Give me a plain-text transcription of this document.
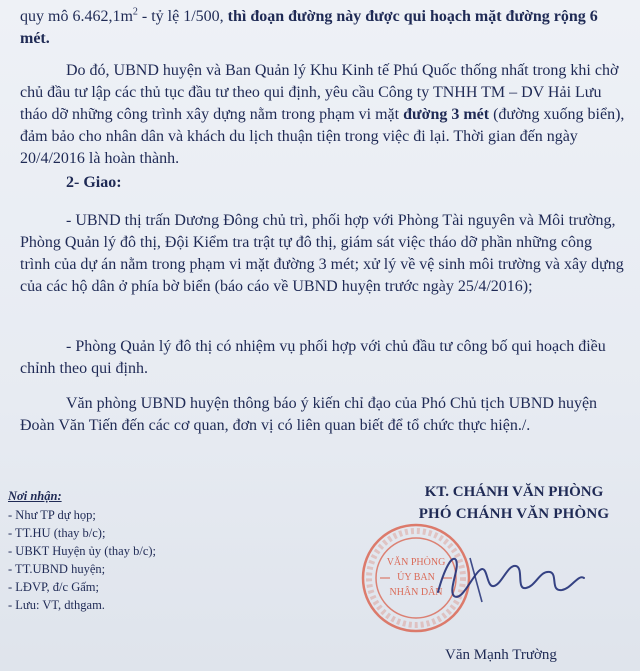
quy mô $6.462,1m^2$ - tỷ lệ 1/500, thì đoạn đường này được qui hoạch mặt đường rộng 6 mét.

Do đó, UBND huyện và Ban Quản lý Khu Kinh tế Phú Quốc thống nhất trong khi chờ chủ đầu tư lập các thủ tục đầu tư theo qui định, yêu cầu Công ty TNHH TM – DV Hải Lưu tháo dỡ những công trình xây dựng nằm trong phạm vi mặt đường 3 mét (đường xuống biển), đảm bảo cho nhân dân và khách du lịch thuận tiện trong việc đi lại. Thời gian đến ngày 20/4/2016 là hoàn thành.

2- Giao:

- UBND thị trấn Dương Đông chủ trì, phối hợp với Phòng Tài nguyên và Môi trường, Phòng Quản lý đô thị, Đội Kiểm tra trật tự đô thị, giám sát việc tháo dỡ phần những công trình của dự án nằm trong phạm vi mặt đường 3 mét; xử lý về vệ sinh môi trường và xây dựng của các hộ dân ở phía bờ biển (báo cáo về UBND huyện trước ngày 25/4/2016);

- Phòng Quản lý đô thị có nhiệm vụ phối hợp với chủ đầu tư công bố qui hoạch điều chỉnh theo qui định.

Văn phòng UBND huyện thông báo ý kiến chỉ đạo của Phó Chủ tịch UBND huyện Đoàn Văn Tiến đến các cơ quan, đơn vị có liên quan biết để tổ chức thực hiện./.

Nơi nhận:
- Như TP dự họp;
- TT.HU (thay b/c);
- UBKT Huyện ủy (thay b/c);
- TT.UBND huyện;
- LĐVP, đ/c Gấm;
- Lưu: VT, dthgam.
KT. CHÁNH VĂN PHÒNG
PHÓ CHÁNH VĂN PHÒNG
VĂN PHÒNG
ỦY BAN
NHÂN DÂN
Văn Mạnh Trường
